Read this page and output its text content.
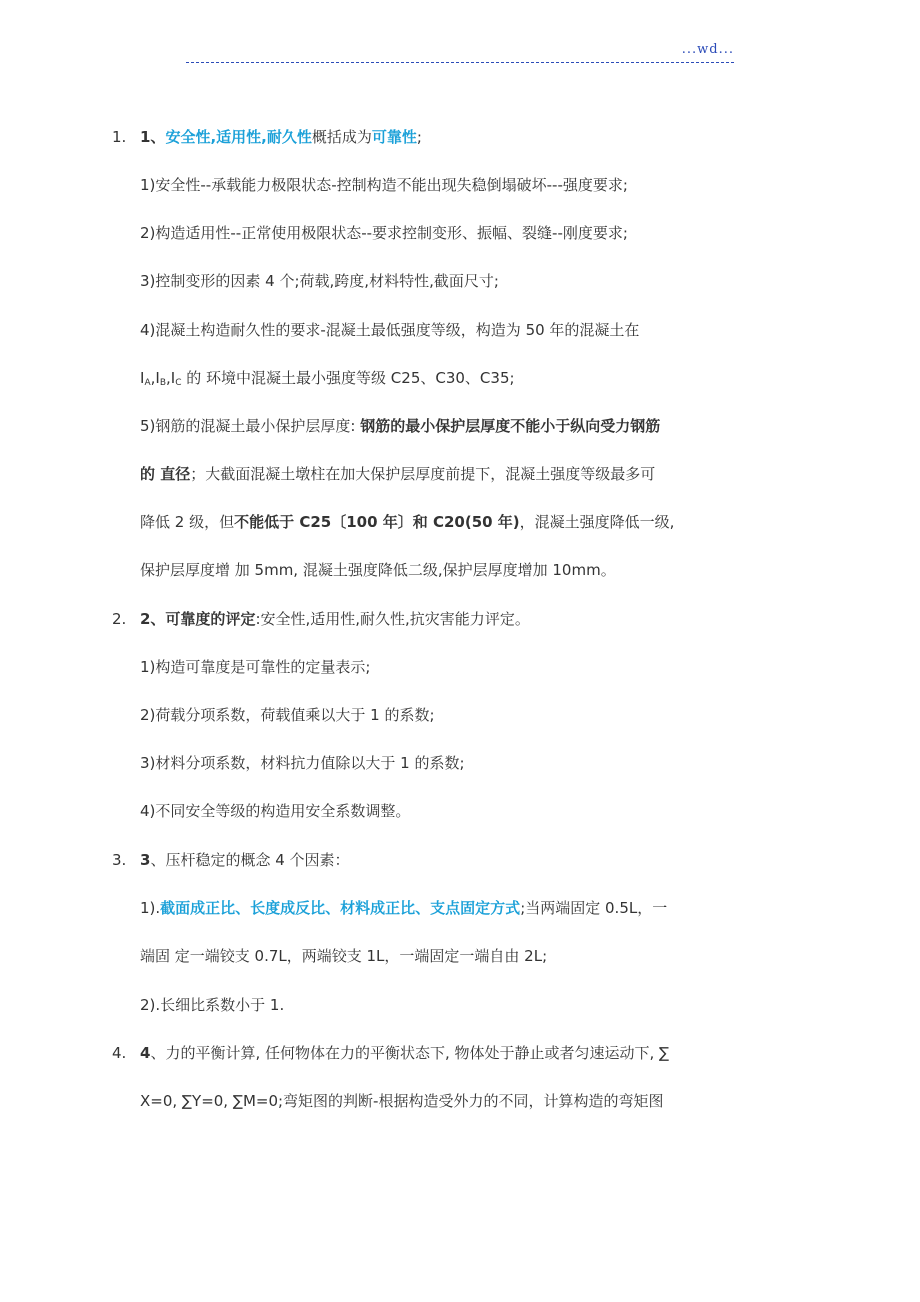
...wd...
1. 1、安全性,适用性,耐久性概括成为可靠性;
1)安全性--承载能力极限状态-控制构造不能出现失稳倒塌破坏---强度要求;
2)构造适用性--正常使用极限状态--要求控制变形、振幅、裂缝--刚度要求;
3)控制变形的因素 4 个;荷载,跨度,材料特性,截面尺寸;
4)混凝土构造耐久性的要求-混凝土最低强度等级，构造为 50 年的混凝土在
$I_A,I_B,I_C$ 的 环境中混凝土最小强度等级 C25、C30、C35;
5)钢筋的混凝土最小保护层厚度: 钢筋的最小保护层厚度不能小于纵向受力钢筋
的 直径；大截面混凝土墩柱在加大保护层厚度前提下，混凝土强度等级最多可
降低 2 级，但不能低于 C25〔100 年〕和 C20(50 年)，混凝土强度降低一级,
保护层厚度增 加 5mm, 混凝土强度降低二级,保护层厚度增加 10mm。
2. 2、可靠度的评定:安全性,适用性,耐久性,抗灾害能力评定。
1)构造可靠度是可靠性的定量表示;
2)荷载分项系数，荷载值乘以大于 1 的系数;
3)材料分项系数，材料抗力值除以大于 1 的系数;
4)不同安全等级的构造用安全系数调整。
3. 3、压杆稳定的概念 4 个因素：
1).截面成正比、长度成反比、材料成正比、支点固定方式;当两端固定 0.5L，一
端固 定一端铰支 0.7L，两端铰支 1L，一端固定一端自由 2L;
2).长细比系数小于 1.
4. 4、力的平衡计算, 任何物体在力的平衡状态下, 物体处于静止或者匀速运动下, ∑
X=0, ∑Y=0, ∑M=0;弯矩图的判断-根据构造受外力的不同，计算构造的弯矩图
